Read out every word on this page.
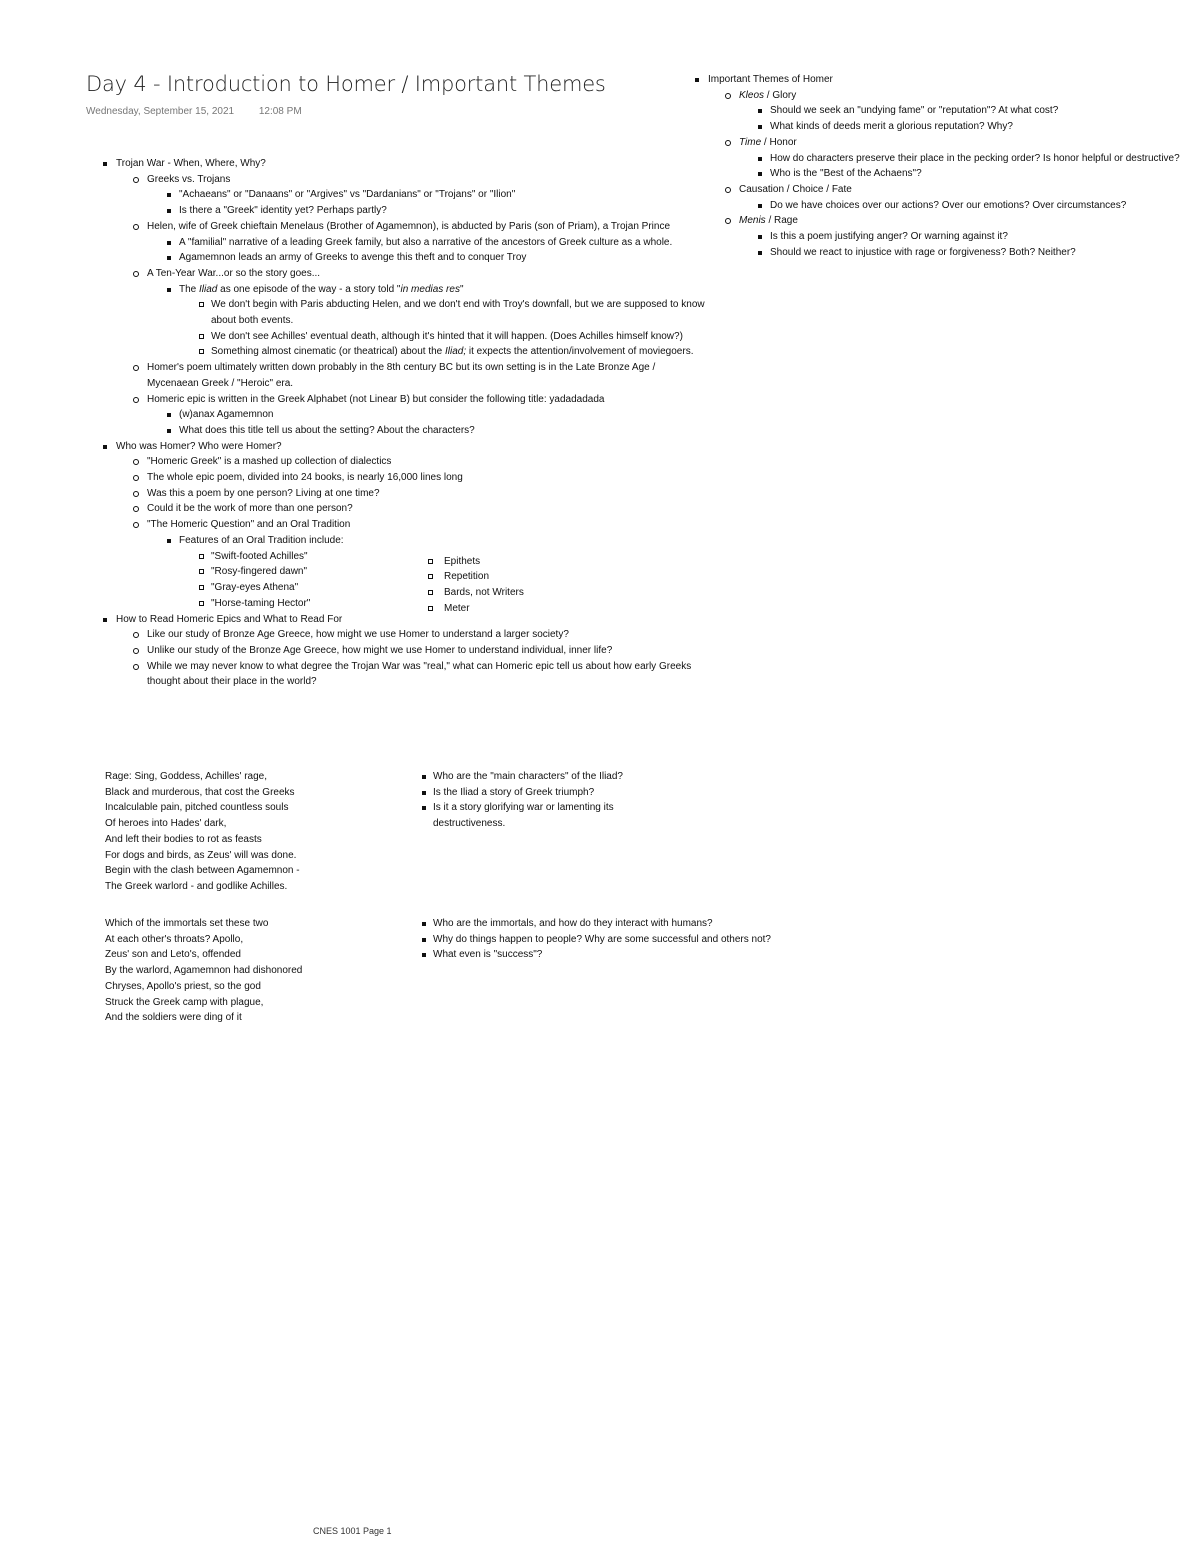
Day 4 - Introduction to Homer / Important Themes
Wednesday, September 15, 2021 12:08 PM
Trojan War - When, Where, Why?
Greeks vs. Trojans
"Achaeans" or "Danaans" or "Argives" vs "Dardanians" or "Trojans" or "Ilion"
Is there a "Greek" identity yet? Perhaps partly?
Helen, wife of Greek chieftain Menelaus (Brother of Agamemnon), is abducted by Paris (son of Priam), a Trojan Prince
A "familial" narrative of a leading Greek family, but also a narrative of the ancestors of Greek culture as a whole.
Agamemnon leads an army of Greeks to avenge this theft and to conquer Troy
A Ten-Year War...or so the story goes...
The Iliad as one episode of the way - a story told "in medias res"
We don't begin with Paris abducting Helen, and we don't end with Troy's downfall, but we are supposed to know about both events.
We don't see Achilles' eventual death, although it's hinted that it will happen. (Does Achilles himself know?)
Something almost cinematic (or theatrical) about the Iliad; it expects the attention/involvement of moviegoers.
Homer's poem ultimately written down probably in the 8th century BC but its own setting is in the Late Bronze Age / Mycenaean Greek / "Heroic" era.
Homeric epic is written in the Greek Alphabet (not Linear B) but consider the following title: yadadadada
(w)anax Agamemnon
What does this title tell us about the setting? About the characters?
Who was Homer? Who were Homer?
"Homeric Greek" is a mashed up collection of dialectics
The whole epic poem, divided into 24 books, is nearly 16,000 lines long
Was this a poem by one person? Living at one time?
Could it be the work of more than one person?
"The Homeric Question" and an Oral Tradition
Features of an Oral Tradition include:
"Swift-footed Achilles"
"Rosy-fingered dawn"
"Gray-eyes Athena"
"Horse-taming Hector"
Epithets
Repetition
Bards, not Writers
Meter
How to Read Homeric Epics and What to Read For
Like our study of Bronze Age Greece, how might we use Homer to understand a larger society?
Unlike our study of the Bronze Age Greece, how might we use Homer to understand individual, inner life?
While we may never know to what degree the Trojan War was "real," what can Homeric epic tell us about how early Greeks thought about their place in the world?
Important Themes of Homer
Kleos / Glory
Should we seek an "undying fame" or "reputation"? At what cost?
What kinds of deeds merit a glorious reputation? Why?
Time / Honor
How do characters preserve their place in the pecking order? Is honor helpful or destructive?
Who is the "Best of the Achaens"?
Causation / Choice / Fate
Do we have choices over our actions? Over our emotions? Over circumstances?
Menis / Rage
Is this a poem justifying anger? Or warning against it?
Should we react to injustice with rage or forgiveness? Both? Neither?
Rage: Sing, Goddess, Achilles' rage,
Black and murderous, that cost the Greeks
Incalculable pain, pitched countless souls
Of heroes into Hades' dark,
And left their bodies to rot as feasts
For dogs and birds, as Zeus' will was done.
Begin with the clash between Agamemnon -
The Greek warlord - and godlike Achilles.
Who are the "main characters" of the Iliad?
Is the Iliad a story of Greek triumph?
Is it a story glorifying war or lamenting its destructiveness.
Which of the immortals set these two
At each other's throats? Apollo,
Zeus' son and Leto's, offended
By the warlord, Agamemnon had dishonored
Chryses, Apollo's priest, so the god
Struck the Greek camp with plague,
And the soldiers were ding of it
Who are the immortals, and how do they interact with humans?
Why do things happen to people? Why are some successful and others not?
What even is "success"?
CNES 1001 Page 1
